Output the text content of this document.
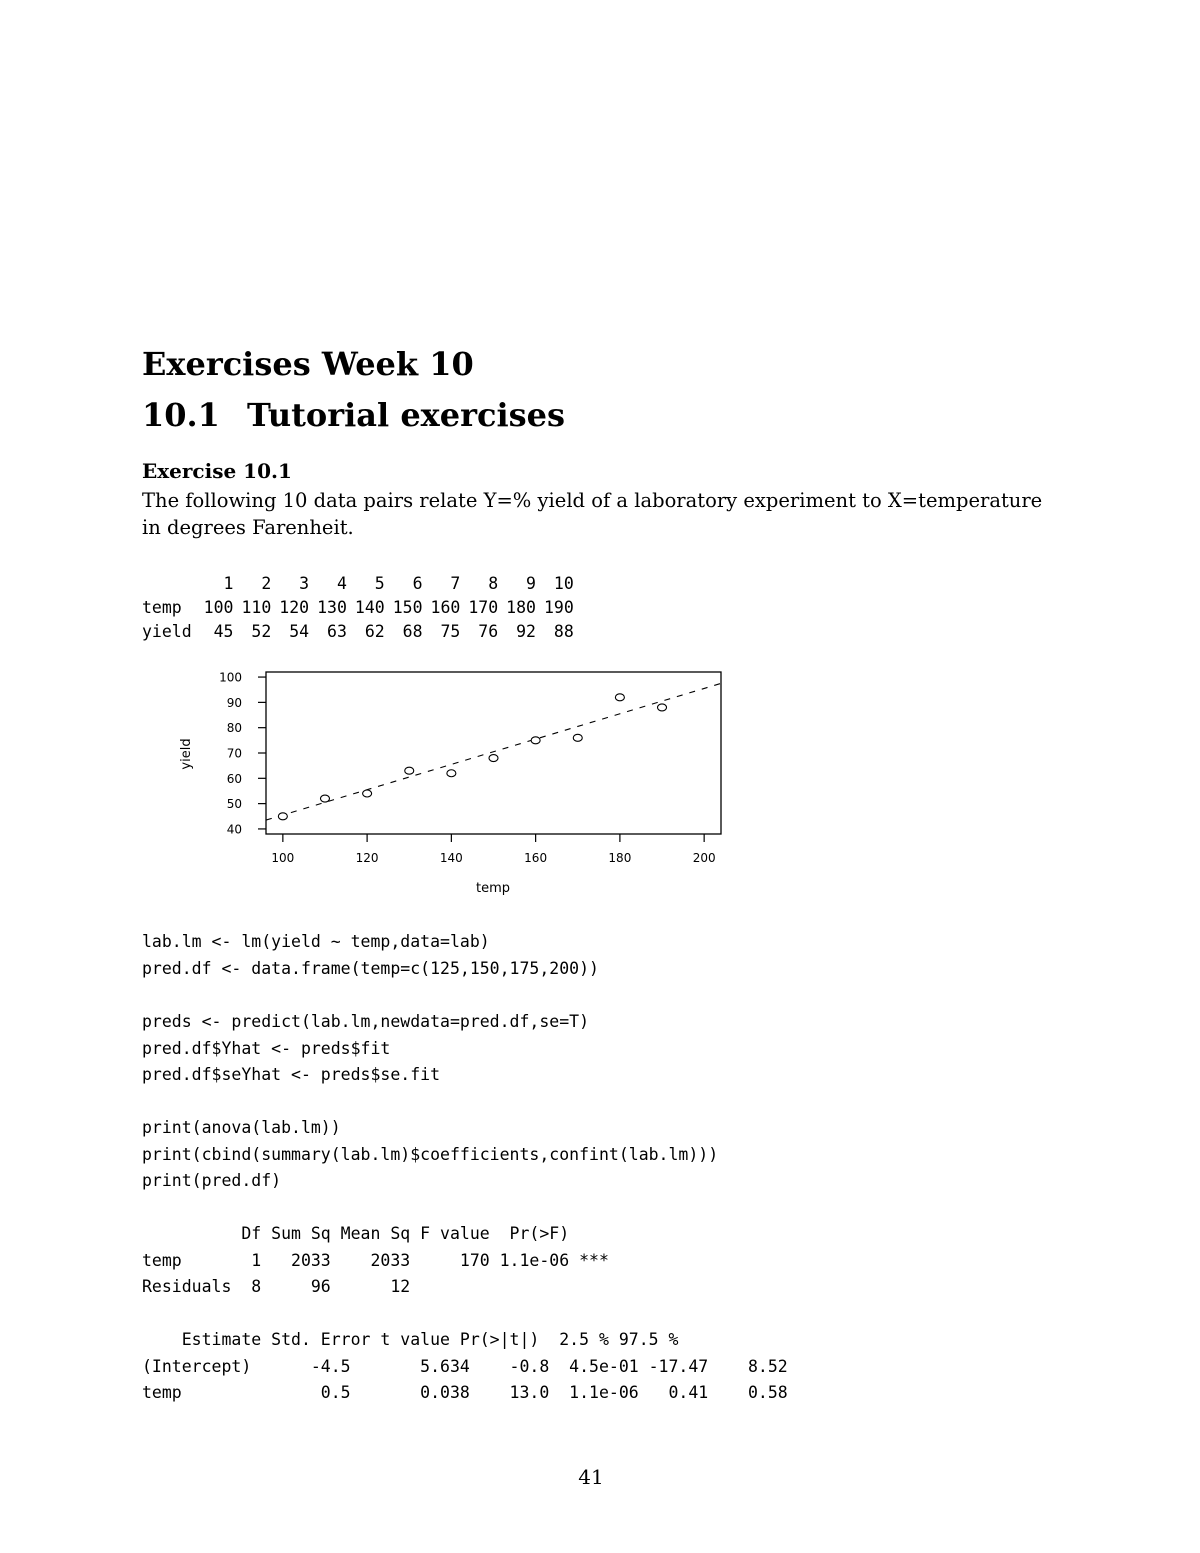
Exercises Week 10
10.1 Tutorial exercises
Exercise 10.1

The following 10 data pairs relate Y=% yield of a laboratory experiment to X=temperature in degrees Farenheit.

	1	2	3	4	5	6	7	8	9	10
temp	100	110	120	130	140	150	160	170	180	190
yield	45	52	54	63	62	68	75	76	92	88
40
50
60
70
80
90
100
100	120	140	160	180	200
temp
yield
lab.lm <- lm(yield ~ temp,data=lab)
pred.df <- data.frame(temp=c(125,150,175,200))
preds <- predict(lab.lm,newdata=pred.df,se=T)
pred.df$Yhat <- preds$fit
pred.df$seYhat <- preds$se.fit
print(anova(lab.lm))
print(cbind(summary(lab.lm)$coefficients,confint(lab.lm)))
print(pred.df)
Df Sum Sq Mean Sq F value  Pr(>F)
temp       1   2033    2033     170 1.1e-06 ***
Residuals  8     96      12
Estimate Std. Error t value Pr(>|t|)  2.5 % 97.5 %
(Intercept)      -4.5       5.634    -0.8  4.5e-01 -17.47    8.52
temp              0.5       0.038    13.0  1.1e-06   0.41    0.58
41
